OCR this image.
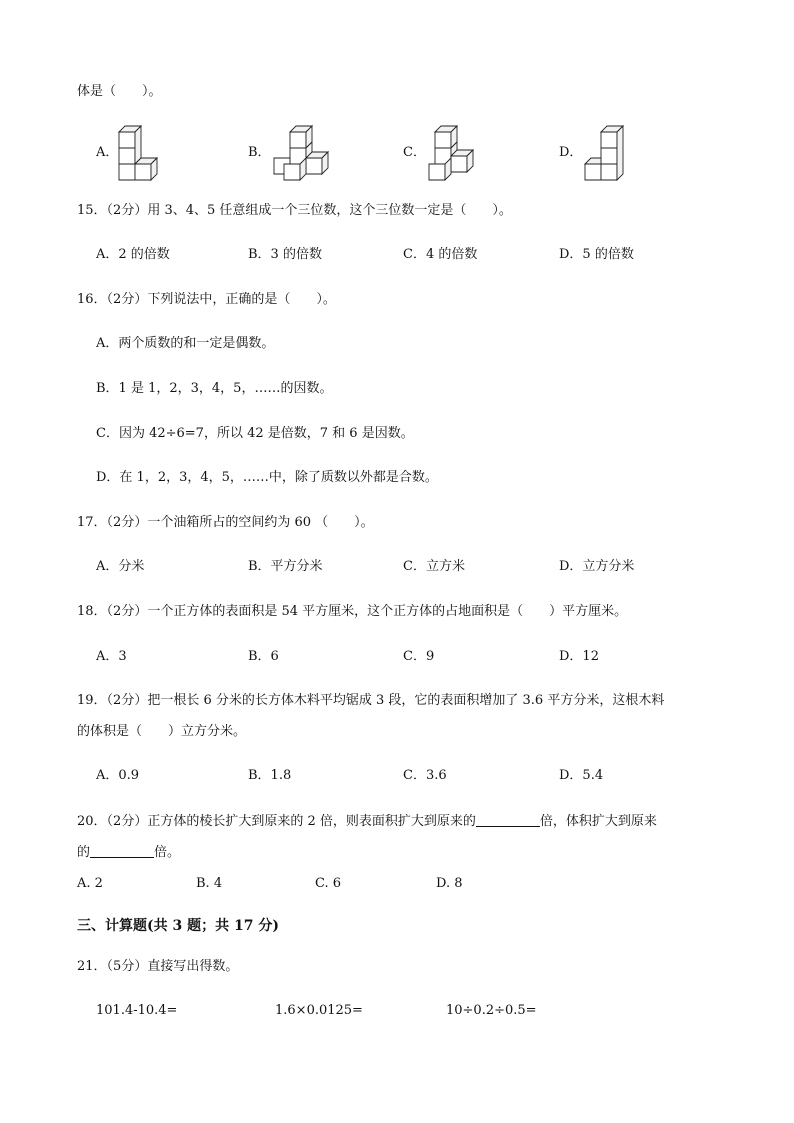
体是（　　）。
A．	B．	C．	D．
15．（2分）用 3、4、5 任意组成一个三位数，这个三位数一定是（　　）。
A．2 的倍数	B．3 的倍数	C．4 的倍数	D．5 的倍数
16．（2分）下列说法中，正确的是（　　）。
A．两个质数的和一定是偶数。
B．1 是 1，2，3，4，5，……的因数。
C．因为 42÷6=7，所以 42 是倍数，7 和 6 是因数。
D．在 1，2，3，4，5，……中，除了质数以外都是合数。
17．（2分）一个油箱所占的空间约为 60 （　　）。
A．分米	B．平方分米	C．立方米	D．立方分米
18．（2分）一个正方体的表面积是 54 平方厘米，这个正方体的占地面积是（　　）平方厘米。
A．3	B．6	C．9	D．12
19．（2分）把一根长 6 分米的长方体木料平均锯成 3 段，它的表面积增加了 3.6 平方分米，这根木料
的体积是（　　）立方分米。
A．0.9	B．1.8	C．3.6	D．5.4
20．（2分）正方体的棱长扩大到原来的 2 倍，则表面积扩大到原来的	倍，体积扩大到原来
的	倍。
A. 2	B. 4	C. 6	D. 8
三、计算题(共 3 题；共 17 分)
21．（5分）直接写出得数。
101.4-10.4=	1.6×0.0125=	10÷0.2÷0.5=
